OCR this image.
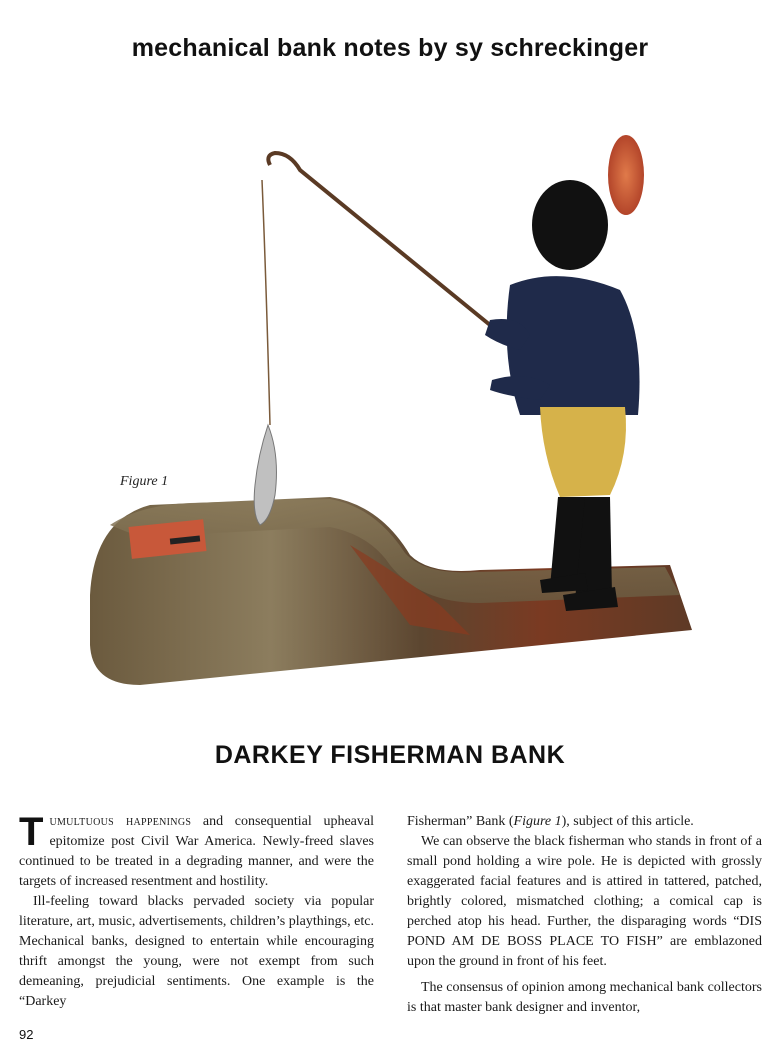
mechanical bank notes by sy schreckinger
Figure 1
DARKEY FISHERMAN BANK

Tumultuous happenings and consequential upheaval epitomize post Civil War America. Newly-freed slaves continued to be treated in a degrading manner, and were the targets of increased resentment and hostility.

Ill-feeling toward blacks pervaded society via popular literature, art, music, advertisements, children’s playthings, etc. Mechanical banks, designed to entertain while encouraging thrift amongst the young, were not exempt from such demeaning, prejudicial sentiments. One example is the “Darkey

Fisherman” Bank (Figure 1), subject of this article.

We can observe the black fisherman who stands in front of a small pond holding a wire pole. He is depicted with grossly exaggerated facial features and is attired in tattered, patched, brightly colored, mismatched clothing; a comical cap is perched atop his head. Further, the disparaging words “DIS POND AM DE BOSS PLACE TO FISH” are emblazoned upon the ground in front of his feet.

The consensus of opinion among mechanical bank collectors is that master bank designer and inventor,

92
